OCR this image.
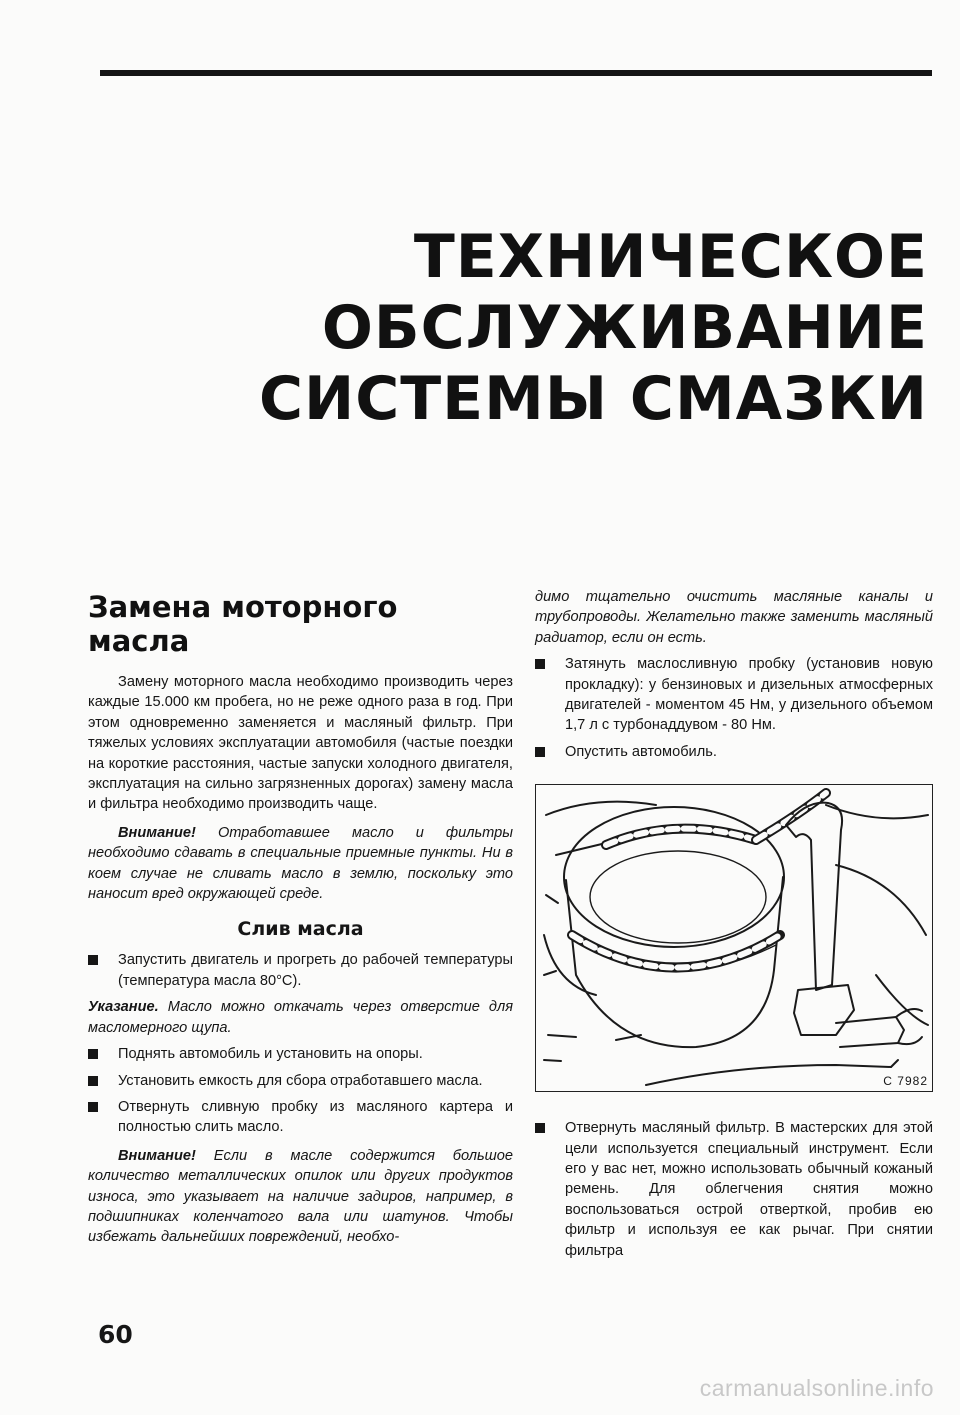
ТЕХНИЧЕСКОЕ
ОБСЛУЖИВАНИЕ
СИСТЕМЫ СМАЗКИ
Замена моторного
масла

Замену моторного масла необходимо производить через каждые 15.000 км пробега, но не реже одного раза в год. При этом одновременно заменяется и масляный фильтр. При тяжелых условиях эксплуатации автомобиля (частые поездки на короткие расстояния, частые запуски холодного двигателя, эксплуатация на сильно загрязненных дорогах) замену масла и фильтра необходимо производить чаще.

Внимание! Отработавшее масло и фильтры необходимо сдавать в специальные приемные пункты. Ни в коем случае не сливать масло в землю, поскольку это наносит вред окружающей среде.

Слив масла
Запустить двигатель и прогреть до рабочей температуры (температура масла 80°С).

Указание. Масло можно откачать через отверстие для масломерного щупа.

Поднять автомобиль и установить на опоры.
Установить емкость для сбора отработавшего масла.
Отвернуть сливную пробку из масляного картера и полностью слить масло.

Внимание! Если в масле содержится большое количество металлических опилок или других продуктов износа, это указывает на наличие задиров, например, в подшипниках коленчатого вала или шатунов. Чтобы избежать дальнейших повреждений, необхо-

димо тщательно очистить масляные каналы и трубопроводы. Желательно также заменить масляный радиатор, если он есть.

Затянуть маслосливную пробку (установив новую прокладку): у бензиновых и дизельных атмосферных двигателей - моментом 45 Нм, у дизельного объемом 1,7 л с турбонаддувом - 80 Нм.
Опустить автомобиль.
С 7982
Отвернуть масляный фильтр. В мастерских для этой цели используется специальный инструмент. Если его у вас нет, можно использовать обычный кожаный ремень. Для облегчения снятия можно воспользоваться острой отверткой, пробив ею фильтр и используя ее как рычаг. При снятии фильтра
60
carmanualsonline.info
